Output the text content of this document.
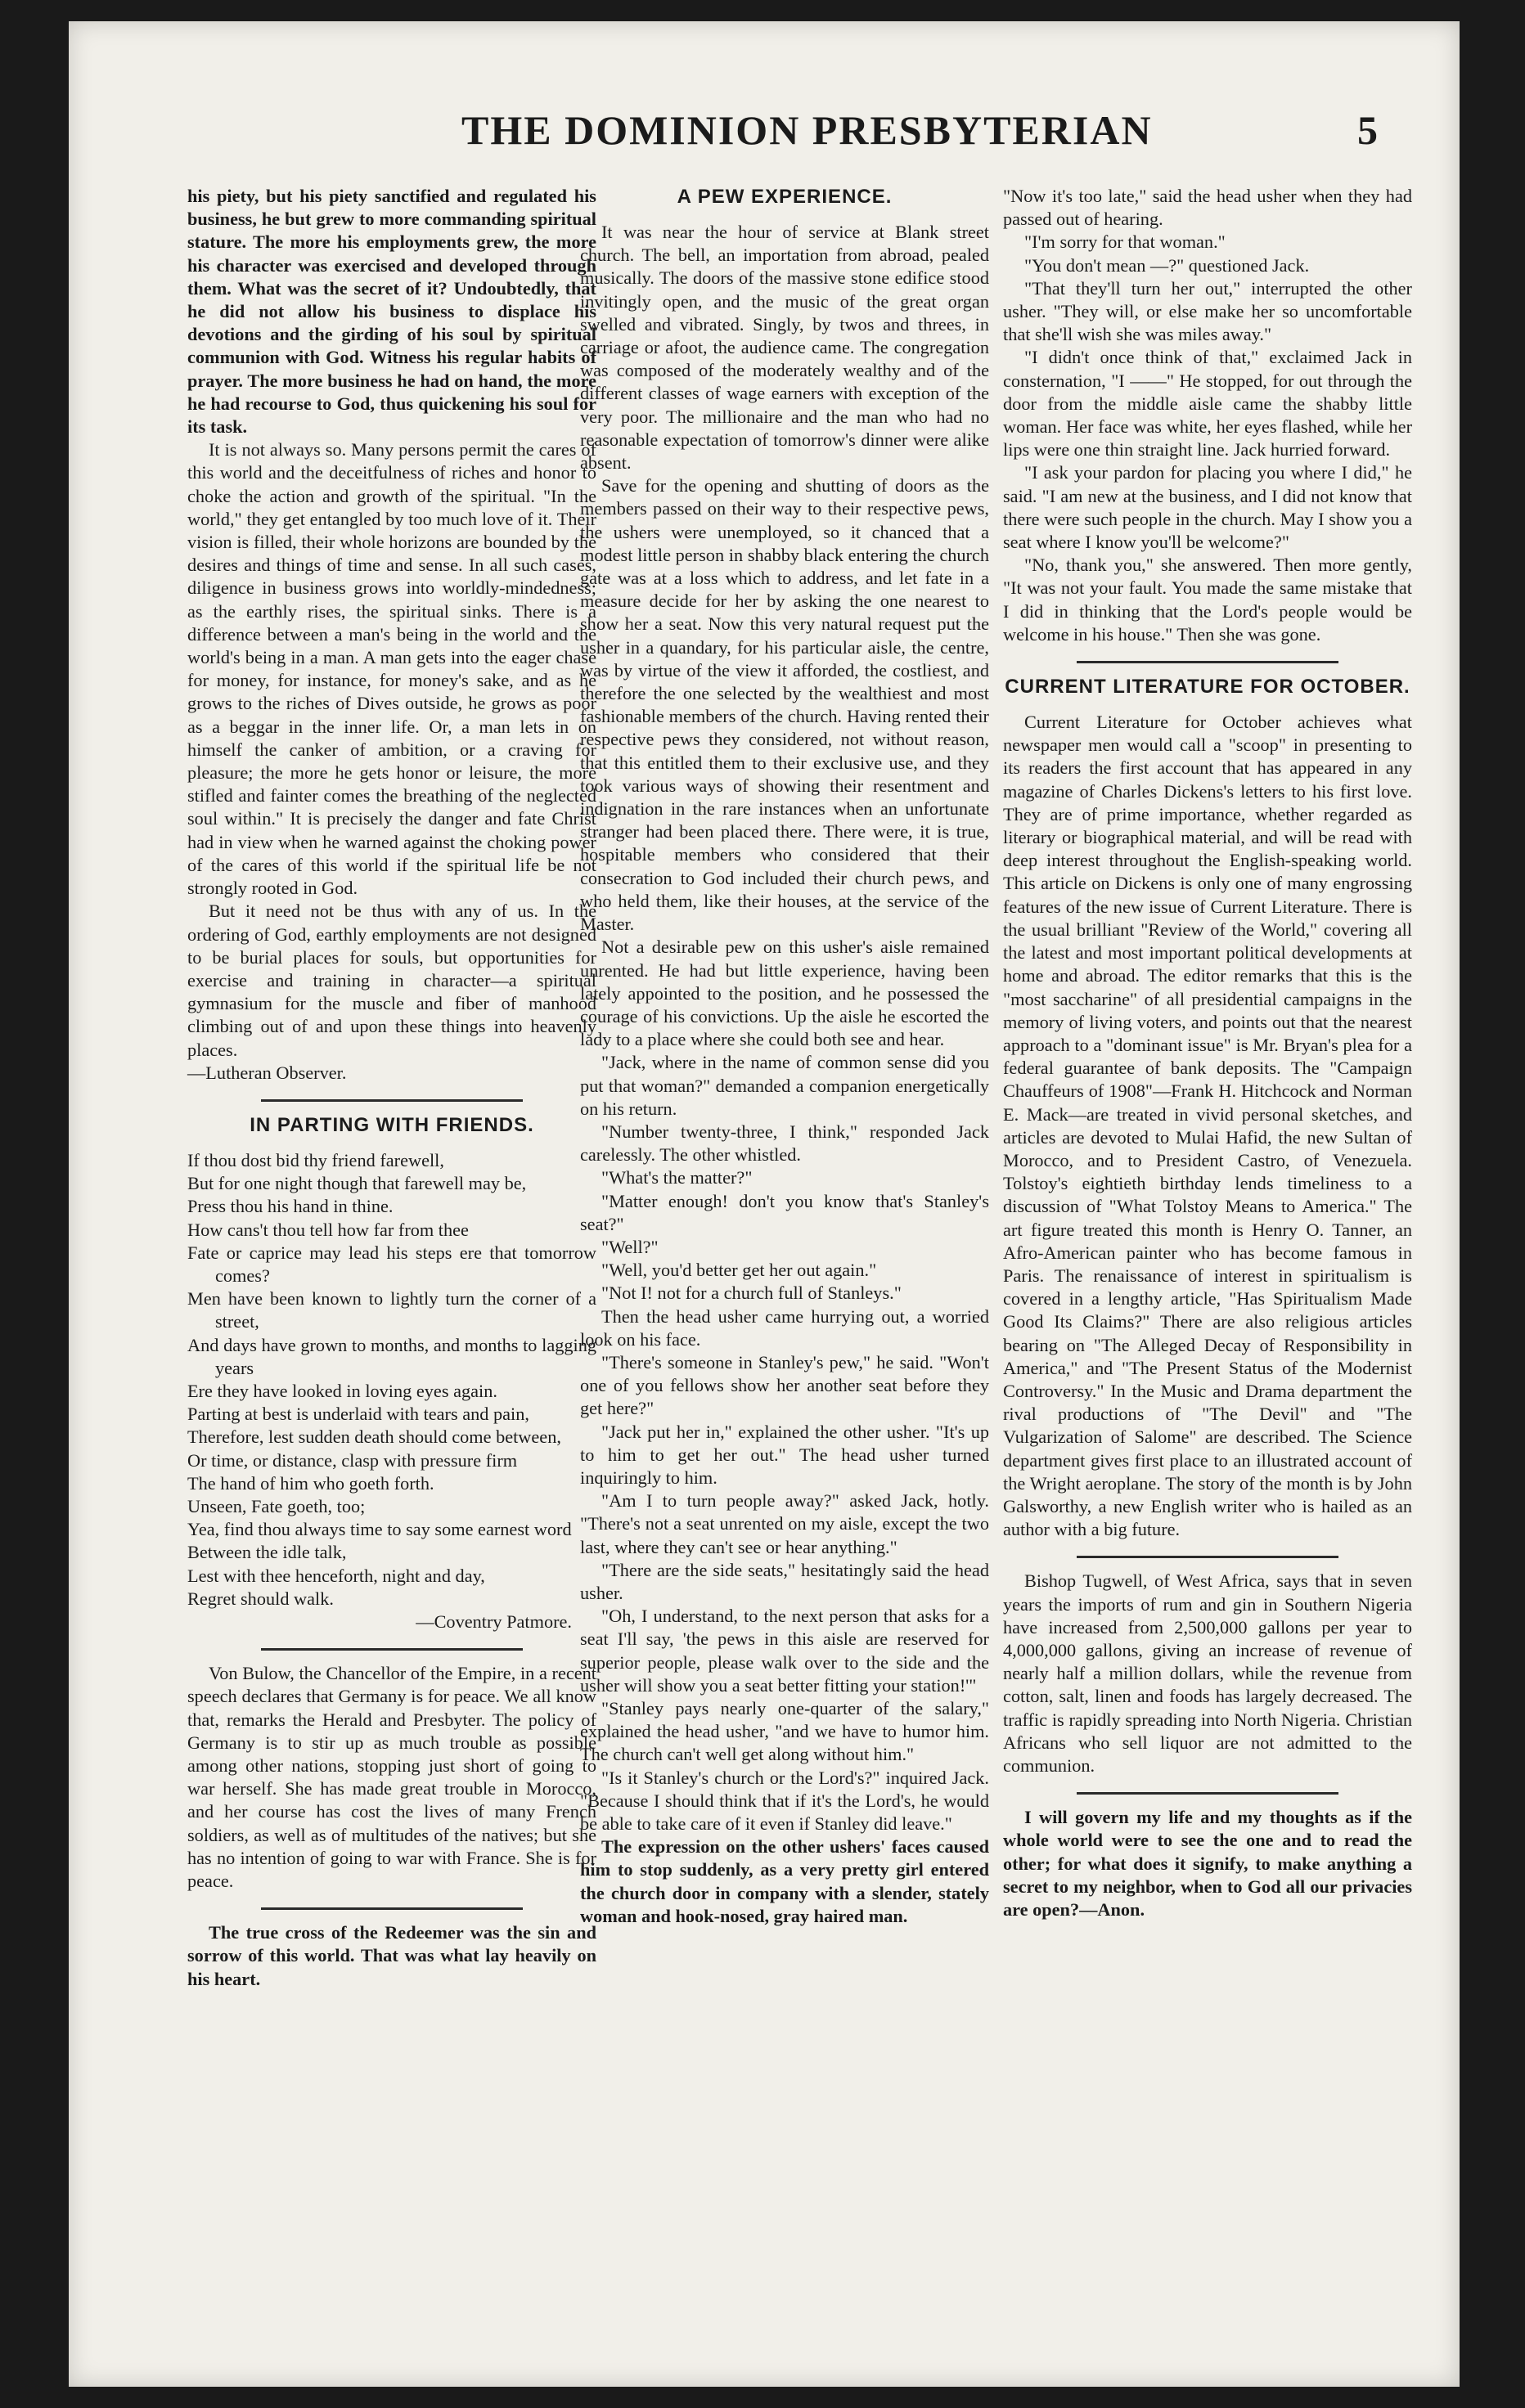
THE DOMINION PRESBYTERIAN	5

his piety, but his piety sanctified and regulated his business, he but grew to more commanding spiritual stature. The more his employments grew, the more his character was exercised and developed through them. What was the secret of it? Undoubtedly, that he did not allow his business to displace his devotions and the girding of his soul by spiritual communion with God. Witness his regular habits of prayer. The more business he had on hand, the more he had recourse to God, thus quickening his soul for its task.

It is not always so. Many persons permit the cares of this world and the deceitfulness of riches and honor to choke the action and growth of the spiritual. "In the world," they get entangled by too much love of it. Their vision is filled, their whole horizons are bounded by the desires and things of time and sense. In all such cases, diligence in business grows into worldly-mindedness; as the earthly rises, the spiritual sinks. There is a difference between a man's being in the world and the world's being in a man. A man gets into the eager chase for money, for instance, for money's sake, and as he grows to the riches of Dives outside, he grows as poor as a beggar in the inner life. Or, a man lets in on himself the canker of ambition, or a craving for pleasure; the more he gets honor or leisure, the more stifled and fainter comes the breathing of the neglected soul within." It is precisely the danger and fate Christ had in view when he warned against the choking power of the cares of this world if the spiritual life be not strongly rooted in God.

But it need not be thus with any of us. In the ordering of God, earthly employments are not designed to be burial places for souls, but opportunities for exercise and training in character—a spiritual gymnasium for the muscle and fiber of manhood climbing out of and upon these things into heavenly places.

—Lutheran Observer.

IN PARTING WITH FRIENDS.
If thou dost bid thy friend farewell,
But for one night though that farewell may be,
Press thou his hand in thine.
How cans't thou tell how far from thee
Fate or caprice may lead his steps ere that tomorrow comes?
Men have been known to lightly turn the corner of a street,
And days have grown to months, and months to lagging years
Ere they have looked in loving eyes again.
Parting at best is underlaid with tears and pain,
Therefore, lest sudden death should come between,
Or time, or distance, clasp with pressure firm
The hand of him who goeth forth.
Unseen, Fate goeth, too;
Yea, find thou always time to say some earnest word
Between the idle talk,
Lest with thee henceforth, night and day,
Regret should walk.
—Coventry Patmore.

Von Bulow, the Chancellor of the Empire, in a recent speech declares that Germany is for peace. We all know that, remarks the Herald and Presbyter. The policy of Germany is to stir up as much trouble as possible among other nations, stopping just short of going to war herself. She has made great trouble in Morocco, and her course has cost the lives of many French soldiers, as well as of multitudes of the natives; but she has no intention of going to war with France. She is for peace.

The true cross of the Redeemer was the sin and sorrow of this world. That was what lay heavily on his heart.

A PEW EXPERIENCE.

It was near the hour of service at Blank street church. The bell, an importation from abroad, pealed musically. The doors of the massive stone edifice stood invitingly open, and the music of the great organ swelled and vibrated. Singly, by twos and threes, in carriage or afoot, the audience came. The congregation was composed of the moderately wealthy and of the different classes of wage earners with exception of the very poor. The millionaire and the man who had no reasonable expectation of tomorrow's dinner were alike absent.

Save for the opening and shutting of doors as the members passed on their way to their respective pews, the ushers were unemployed, so it chanced that a modest little person in shabby black entering the church gate was at a loss which to address, and let fate in a measure decide for her by asking the one nearest to show her a seat. Now this very natural request put the usher in a quandary, for his particular aisle, the centre, was by virtue of the view it afforded, the costliest, and therefore the one selected by the wealthiest and most fashionable members of the church. Having rented their respective pews they considered, not without reason, that this entitled them to their exclusive use, and they took various ways of showing their resentment and indignation in the rare instances when an unfortunate stranger had been placed there. There were, it is true, hospitable members who considered that their consecration to God included their church pews, and who held them, like their houses, at the service of the Master.

Not a desirable pew on this usher's aisle remained unrented. He had but little experience, having been lately appointed to the position, and he possessed the courage of his convictions. Up the aisle he escorted the lady to a place where she could both see and hear.

"Jack, where in the name of common sense did you put that woman?" demanded a companion energetically on his return.

"Number twenty-three, I think," responded Jack carelessly. The other whistled.

"What's the matter?"

"Matter enough! don't you know that's Stanley's seat?"

"Well?"

"Well, you'd better get her out again."

"Not I! not for a church full of Stanleys."

Then the head usher came hurrying out, a worried look on his face.

"There's someone in Stanley's pew," he said. "Won't one of you fellows show her another seat before they get here?"

"Jack put her in," explained the other usher. "It's up to him to get her out." The head usher turned inquiringly to him.

"Am I to turn people away?" asked Jack, hotly. "There's not a seat unrented on my aisle, except the two last, where they can't see or hear anything."

"There are the side seats," hesitatingly said the head usher.

"Oh, I understand, to the next person that asks for a seat I'll say, 'the pews in this aisle are reserved for superior people, please walk over to the side and the usher will show you a seat better fitting your station!'"

"Stanley pays nearly one-quarter of the salary," explained the head usher, "and we have to humor him. The church can't well get along without him."

"Is it Stanley's church or the Lord's?" inquired Jack. "Because I should think that if it's the Lord's, he would be able to take care of it even if Stanley did leave."

The expression on the other ushers' faces caused him to stop suddenly, as a very pretty girl entered the church door in company with a slender, stately woman and hook-nosed, gray haired man.

"Now it's too late," said the head usher when they had passed out of hearing.

"I'm sorry for that woman."

"You don't mean —?" questioned Jack.

"That they'll turn her out," interrupted the other usher. "They will, or else make her so uncomfortable that she'll wish she was miles away."

"I didn't once think of that," exclaimed Jack in consternation, "I ——" He stopped, for out through the door from the middle aisle came the shabby little woman. Her face was white, her eyes flashed, while her lips were one thin straight line. Jack hurried forward.

"I ask your pardon for placing you where I did," he said. "I am new at the business, and I did not know that there were such people in the church. May I show you a seat where I know you'll be welcome?"

"No, thank you," she answered. Then more gently, "It was not your fault. You made the same mistake that I did in thinking that the Lord's people would be welcome in his house." Then she was gone.

CURRENT LITERATURE FOR OCTOBER.

Current Literature for October achieves what newspaper men would call a "scoop" in presenting to its readers the first account that has appeared in any magazine of Charles Dickens's letters to his first love. They are of prime importance, whether regarded as literary or biographical material, and will be read with deep interest throughout the English-speaking world. This article on Dickens is only one of many engrossing features of the new issue of Current Literature. There is the usual brilliant "Review of the World," covering all the latest and most important political developments at home and abroad. The editor remarks that this is the "most saccharine" of all presidential campaigns in the memory of living voters, and points out that the nearest approach to a "dominant issue" is Mr. Bryan's plea for a federal guarantee of bank deposits. The "Campaign Chauffeurs of 1908"—Frank H. Hitchcock and Norman E. Mack—are treated in vivid personal sketches, and articles are devoted to Mulai Hafid, the new Sultan of Morocco, and to President Castro, of Venezuela. Tolstoy's eightieth birthday lends timeliness to a discussion of "What Tolstoy Means to America." The art figure treated this month is Henry O. Tanner, an Afro-American painter who has become famous in Paris. The renaissance of interest in spiritualism is covered in a lengthy article, "Has Spiritualism Made Good Its Claims?" There are also religious articles bearing on "The Alleged Decay of Responsibility in America," and "The Present Status of the Modernist Controversy." In the Music and Drama department the rival productions of "The Devil" and "The Vulgarization of Salome" are described. The Science department gives first place to an illustrated account of the Wright aeroplane. The story of the month is by John Galsworthy, a new English writer who is hailed as an author with a big future.

Bishop Tugwell, of West Africa, says that in seven years the imports of rum and gin in Southern Nigeria have increased from 2,500,000 gallons per year to 4,000,000 gallons, giving an increase of revenue of nearly half a million dollars, while the revenue from cotton, salt, linen and foods has largely decreased. The traffic is rapidly spreading into North Nigeria. Christian Africans who sell liquor are not admitted to the communion.

I will govern my life and my thoughts as if the whole world were to see the one and to read the other; for what does it signify, to make anything a secret to my neighbor, when to God all our privacies are open?—Anon.
